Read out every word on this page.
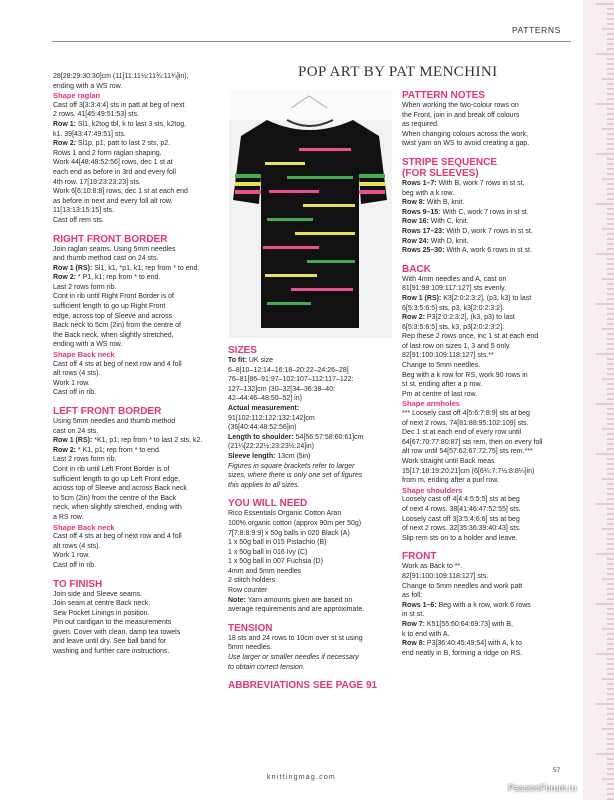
PATTERNS
POP ART BY PAT MENCHINI
28[28:29:30:30]cm (11[11:11½:11¾:11¾]in),
ending with a WS row.
Shape raglan
Cast off 3[3:3:4:4] sts in patt at beg of next
2 rows. 41[45:49:51:53] sts.
Row 1: Sl1, k2tog tbl, k to last 3 sts, k2tog,
k1. 39[43:47:49:51] sts.
Row 2: Sl1p, p1, patt to last 2 sts, p2.
Rows 1 and 2 form raglan shaping.
Work 44[48:48:52:56] rows, dec 1 st at
each end as before in 3rd and every foll
4th row. 17[19:23:23:23] sts.
Work 6[6:10:8:8] rows, dec 1 st at each end
as before in next and every foll alt row.
11[13:13:15:15] sts.
Cast off rem sts.
RIGHT FRONT BORDER
Join raglan seams. Using 5mm needles
and thumb method cast on 24 sts.
Row 1 (RS): Sl1, k1, *p1, k1; rep from * to end.
Row 2: * P1, k1; rep from * to end.
Last 2 rows form rib.
Cont in rib until Right Front Border is of
sufficient length to go up Right Front
edge, across top of Sleeve and across
Back neck to 5cm (2in) from the centre of
the Back neck, when slightly stretched,
ending with a WS row.
Shape Back neck
Cast off 4 sts at beg of next row and 4 foll
alt rows (4 sts).
Work 1 row.
Cast off in rib.
LEFT FRONT BORDER
Using 5mm needles and thumb method
cast on 24 sts.
Row 1 (RS): *K1, p1; rep from * to last 2 sts, k2.
Row 2: * K1, p1; rep from * to end.
Last 2 rows form rib.
Cont in rib until Left Front Border is of
sufficient length to go up Left Front edge,
across top of Sleeve and across Back neck
to 5cm (2in) from the centre of the Back
neck, when slightly stretched, ending with
a RS row.
Shape Back neck
Cast off 4 sts at beg of next row and 4 foll
alt rows (4 sts).
Work 1 row.
Cast off in rib.
TO FINISH
Join side and Sleeve seams.
Join seam at centre Back neck.
Sew Pocket Linings in position.
Pin out cardigan to the measurements
given. Cover with clean, damp tea towels
and leave until dry. See ball band for
washing and further care instructions.
SIZES
To fit: UK size
6–8[10–12:14–16:18–20:22–24:26–28]
76–81[86–91:97–102:107–112:117–122:
127–132]cm (30–32[34–36:38–40:
42–44:46–48:50–52] in)
Actual measurement:
91[102:112:122:132:142]cm
(36[40:44:48:52:56]in)
Length to shoulder: 54[56:57:58:60:61]cm
(21¼[22:22½:23:23½:24]in)
Sleeve length: 13cm (5in)
Figures in square brackets refer to larger
sizes, where there is only one set of figures
this applies to all sizes.
YOU WILL NEED
Rico Essentials Organic Cotton Aran
100% organic cotton (approx 90m per 50g)
7[7:8:8:9:9] x 50g balls in 020 Black (A)
1 x 50g ball in 015 Pistachio (B)
1 x 50g ball in 016 Ivy (C)
1 x 50g ball in 007 Fuchsia (D)
4mm and 5mm needles
2 stitch holders
Row counter
Note: Yarn amounts given are based on
average requirements and are approximate.
TENSION
18 sts and 24 rows to 10cm over st st using
5mm needles.
Use larger or smaller needles if necessary
to obtain correct tension.
ABBREVIATIONS SEE PAGE 91
PATTERN NOTES
When working the two-colour rows on
the Front, join in and break off colours
as required.
When changing colours across the work,
twist yarn on WS to avoid creating a gap.
STRIPE SEQUENCE
(FOR SLEEVES)
Rows 1–7: With B, work 7 rows in st st,
beg with a k row.
Row 8: With B, knit.
Rows 9–15: With C, work 7 rows in st st.
Row 16: With C, knit.
Rows 17–23: With D, work 7 rows in st st.
Row 24: With D, knit.
Rows 25–30: With A, work 6 rows in st st.
BACK
With 4mm needles and A, cast on
81[91:99:109:117:127] sts evenly.
Row 1 (RS): K3[2:0:2:3:2], (p3, k3) to last
6[5:3:5:6:5] sts, p3, k3[2:0:2:3:2].
Row 2: P3[2:0:2:3:2], (k3, p3) to last
6[5:3:5:6:5] sts, k3, p3[2:0:2:3:2].
Rep these 2 rows once, inc 1 st at each end
of last row on sizes 1, 3 and 5 only.
82[91:100:109:118:127] sts.**
Change to 5mm needles.
Beg with a k row for RS, work 90 rows in
st st, ending after a p row.
Pm at centre of last row.
Shape armholes
*** Loosely cast off 4[5:6:7:8:9] sts at beg
of next 2 rows. 74[81:88:95:102:109] sts.
Dec 1 st at each end of every row until
64[67:70:77:80:87] sts rem, then on every foll
alt row until 54[57:62:67:72:75] sts rem.***
Work straight until Back meas
15[17:18:19:20:21]cm (6[6¾:7:7½:8:8¼]in)
from m, ending after a purl row.
Shape shoulders
Loosely cast off 4[4:4:5:5:5] sts at beg
of next 4 rows. 38[41:46:47:52:55] sts.
Loosely cast off 3[3:5:4:6:6] sts at beg
of next 2 rows. 32[35:36:39:40:43] sts.
Slip rem sts on to a holder and leave.
FRONT
Work as Back to **.
82[91:100:109:118:127] sts.
Change to 5mm needles and work patt
as foll:
Rows 1–6: Beg with a k row, work 6 rows
in st st.
Row 7: K51[55:60:64:69:73] with B,
k to end with A.
Row 8: P3[36:40:45:49:54] with A, k to
end neatly in B, forming a ridge on RS.
knittingmag.com
57
PassionForum.ru
